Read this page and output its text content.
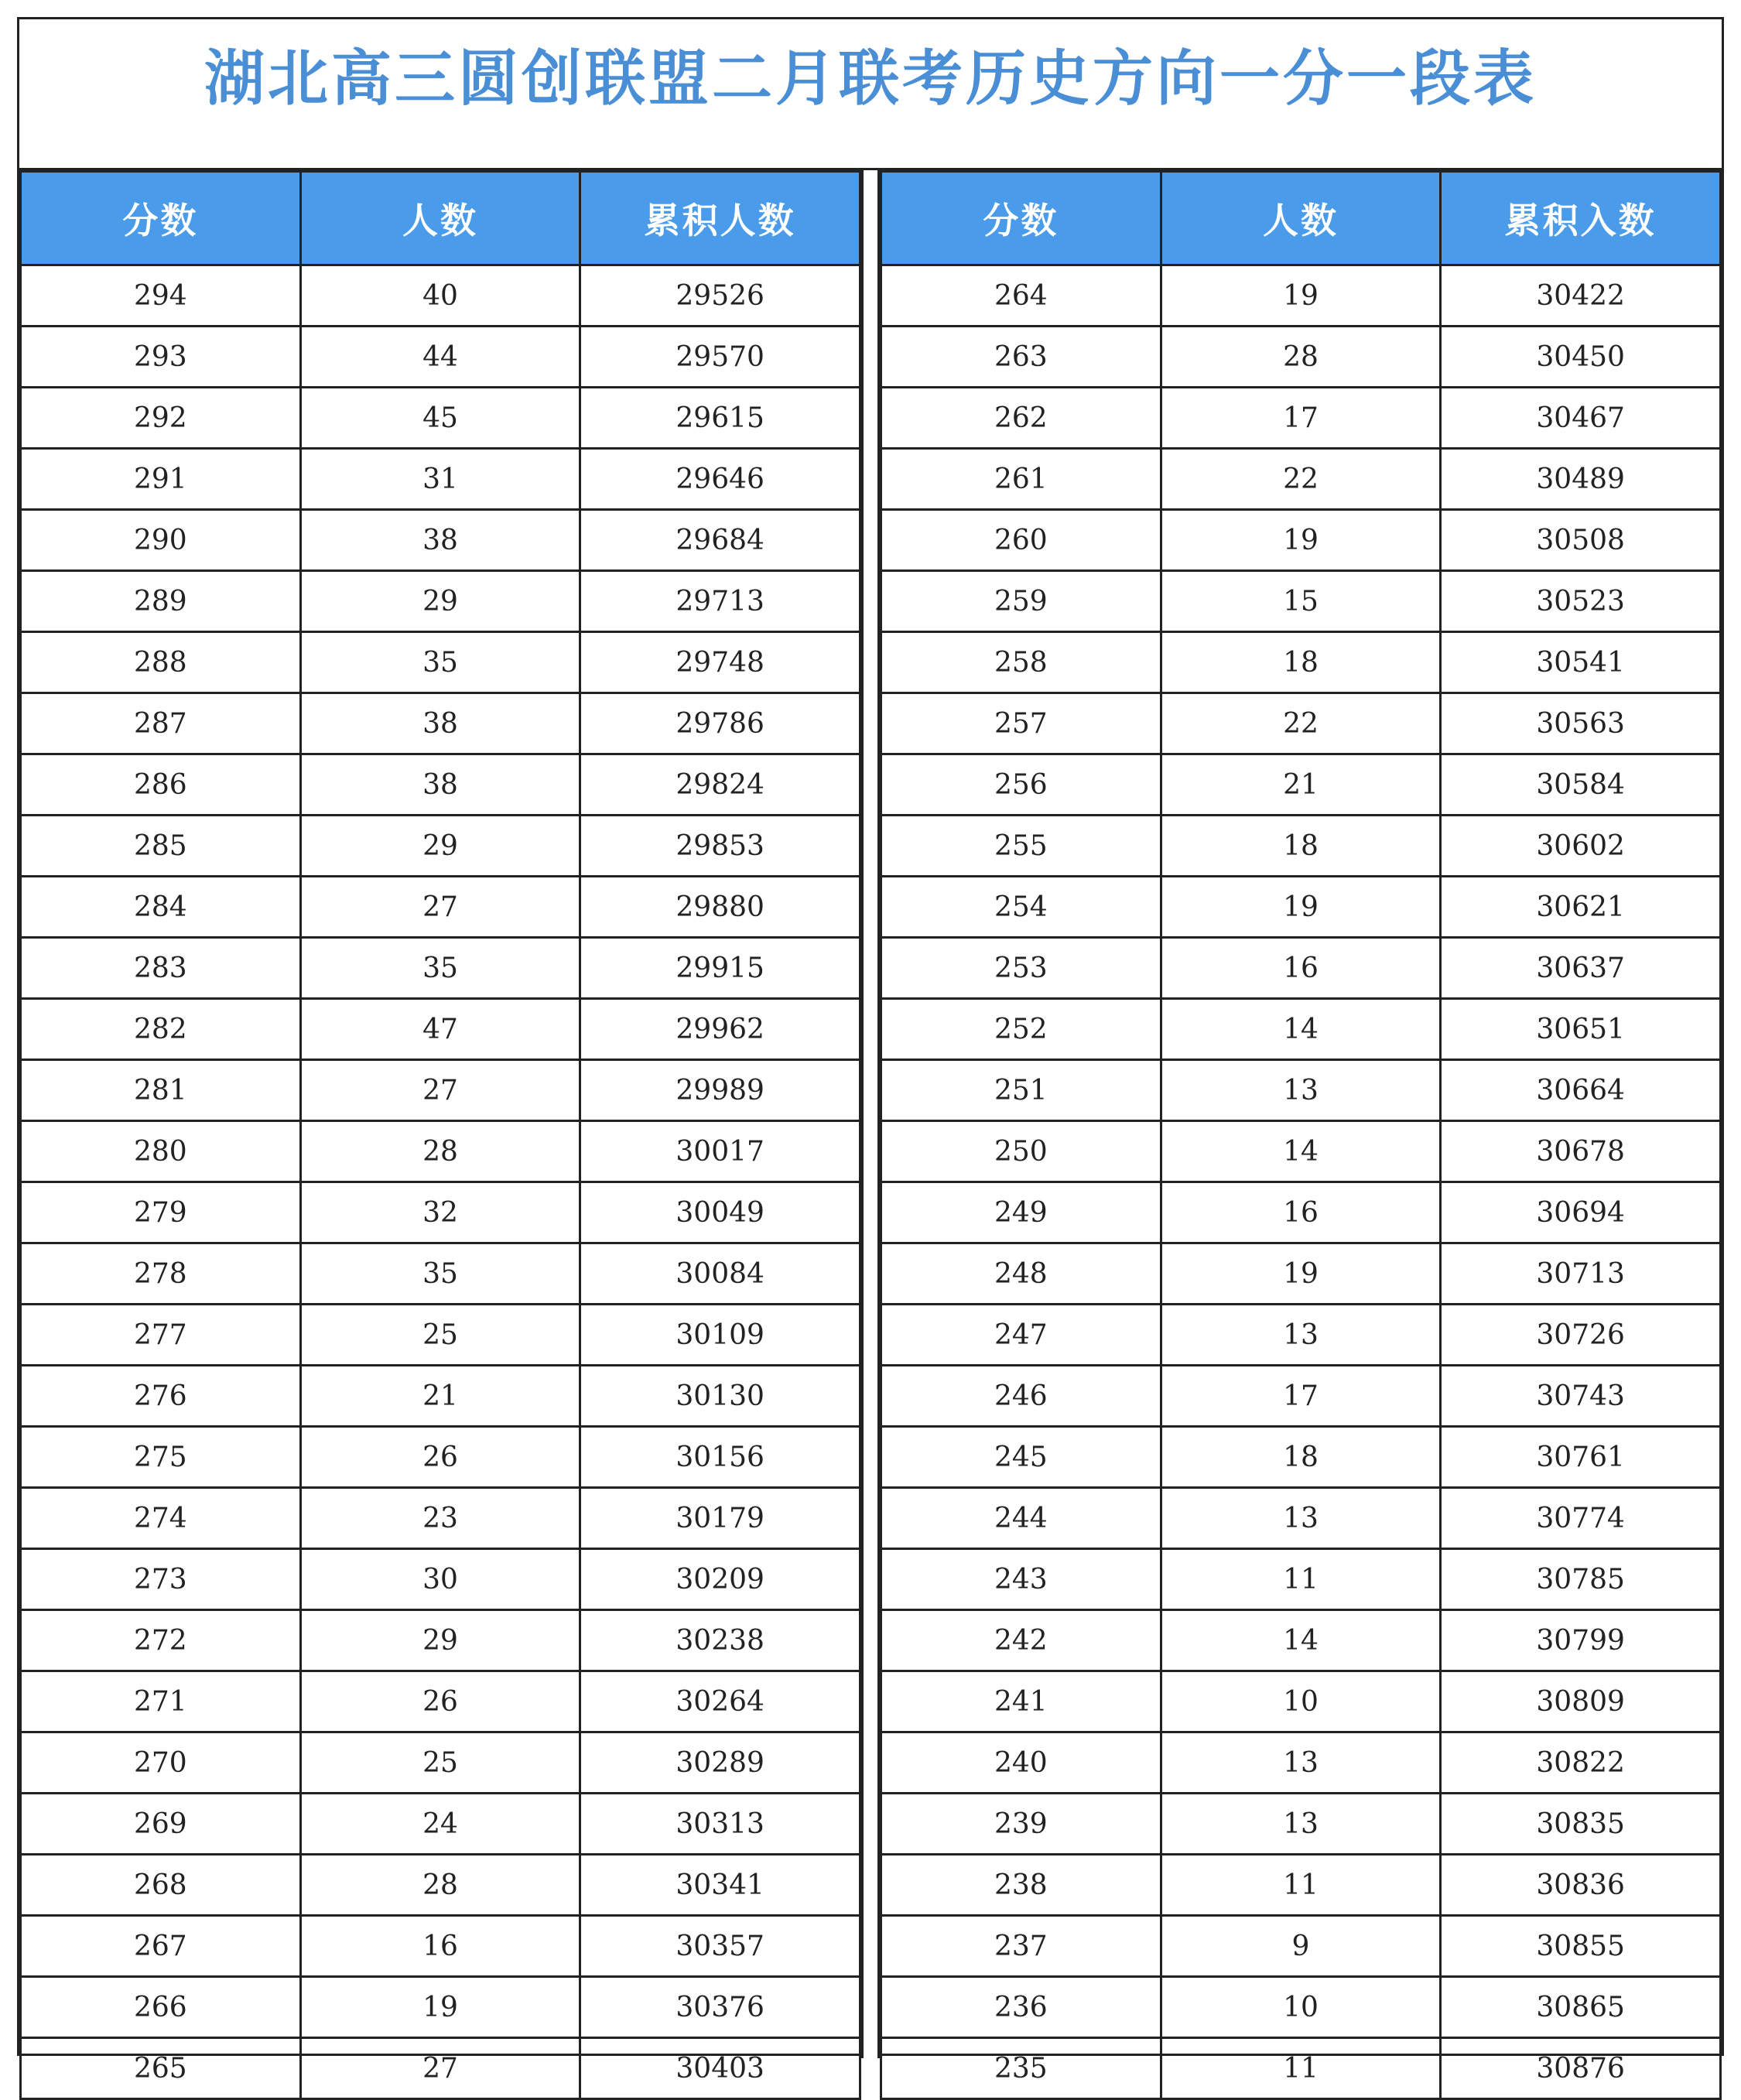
湖北高三圆创联盟二月联考历史方向一分一段表
分数	人数	累积人数
294	40	29526
293	44	29570
292	45	29615
291	31	29646
290	38	29684
289	29	29713
288	35	29748
287	38	29786
286	38	29824
285	29	29853
284	27	29880
283	35	29915
282	47	29962
281	27	29989
280	28	30017
279	32	30049
278	35	30084
277	25	30109
276	21	30130
275	26	30156
274	23	30179
273	30	30209
272	29	30238
271	26	30264
270	25	30289
269	24	30313
268	28	30341
267	16	30357
266	19	30376
265	27	30403
分数	人数	累积入数
264	19	30422
263	28	30450
262	17	30467
261	22	30489
260	19	30508
259	15	30523
258	18	30541
257	22	30563
256	21	30584
255	18	30602
254	19	30621
253	16	30637
252	14	30651
251	13	30664
250	14	30678
249	16	30694
248	19	30713
247	13	30726
246	17	30743
245	18	30761
244	13	30774
243	11	30785
242	14	30799
241	10	30809
240	13	30822
239	13	30835
238	11	30836
237	9	30855
236	10	30865
235	11	30876
